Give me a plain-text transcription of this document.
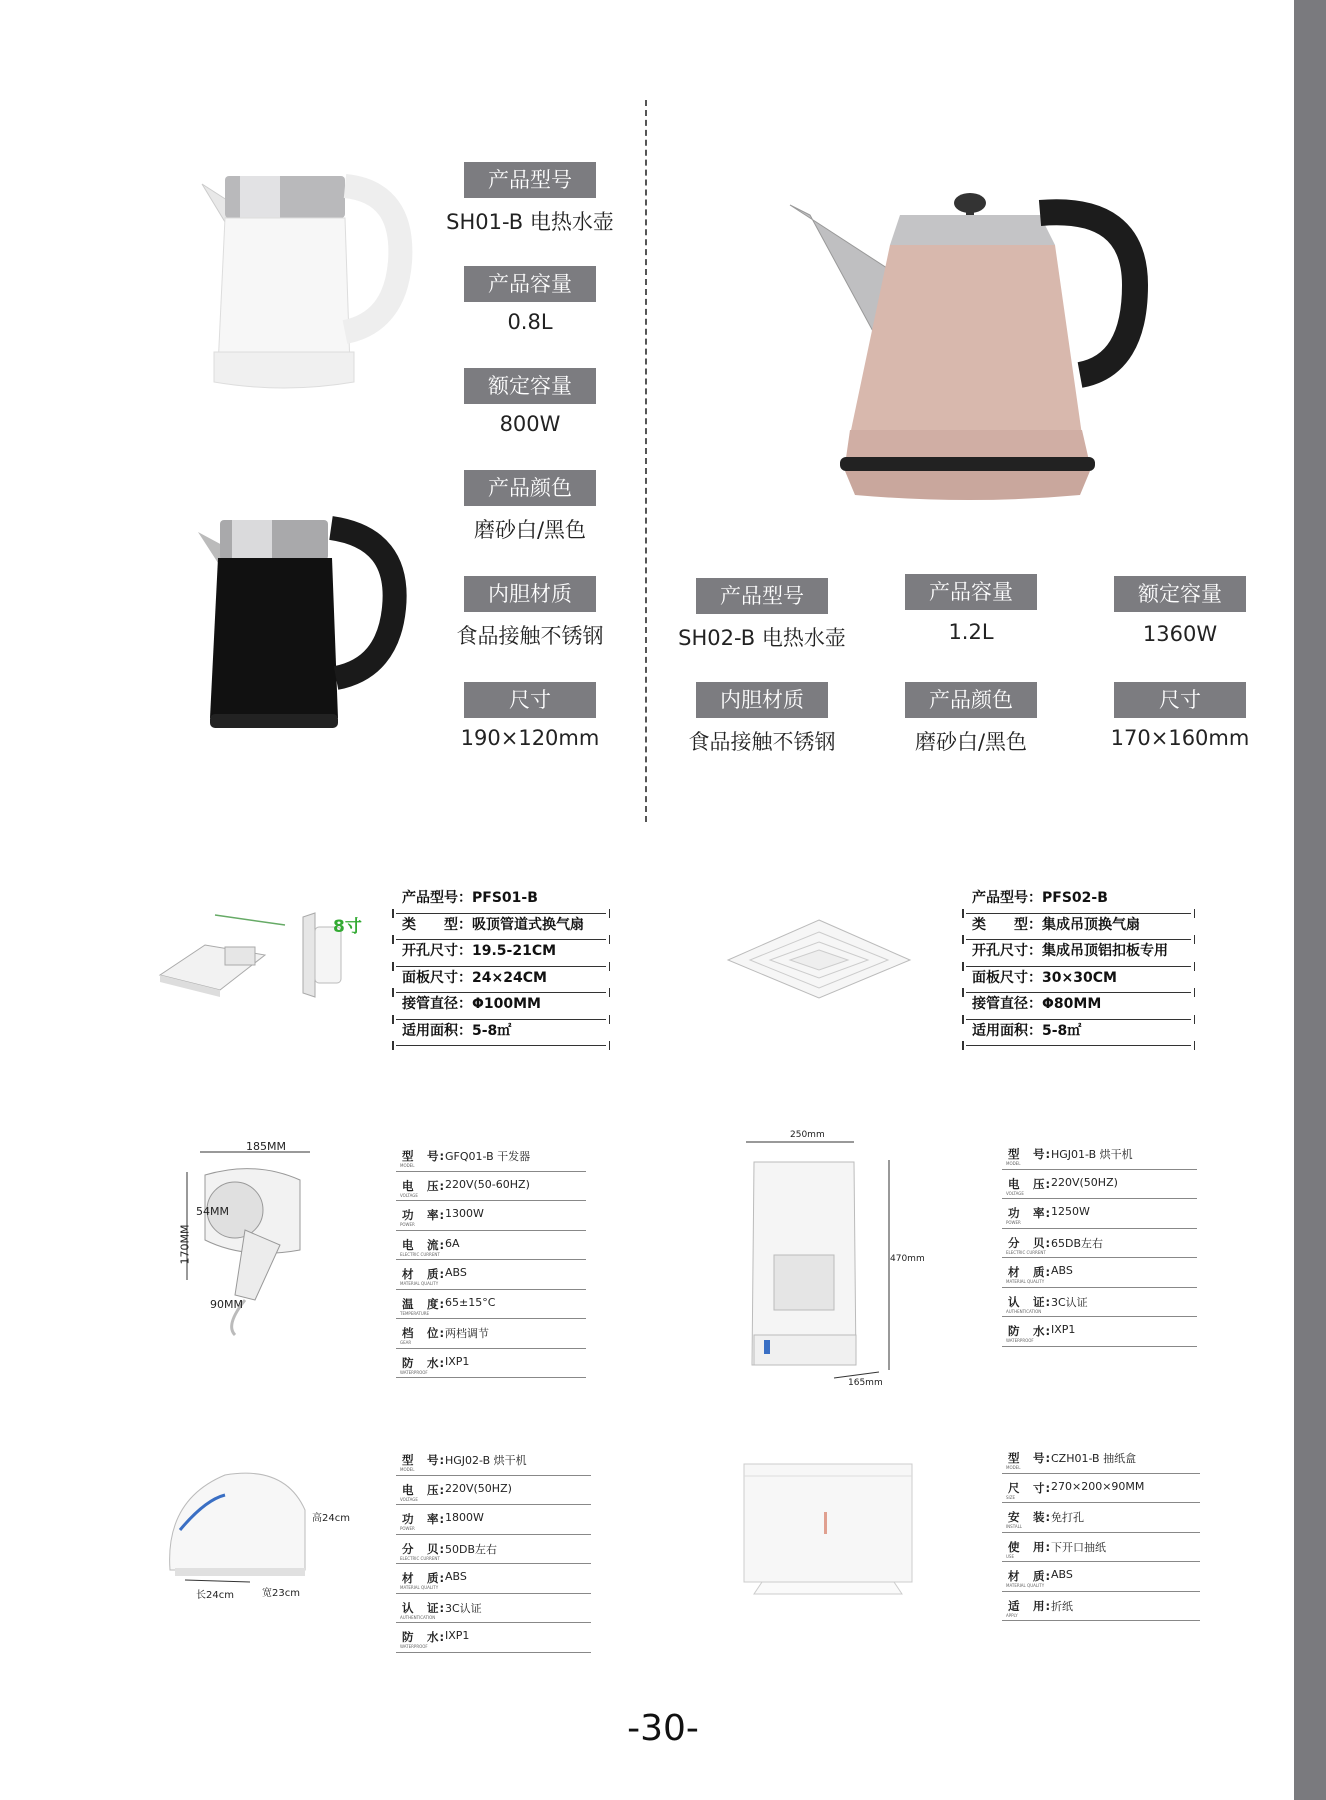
产品型号
SH01-B 电热水壶
产品容量
0.8L
额定容量
800W
产品颜色
磨砂白/黑色
内胆材质
食品接触不锈钢
尺寸
190×120mm
产品型号
SH02-B 电热水壶
产品容量
1.2L
额定容量
1360W
内胆材质
食品接触不锈钢
产品颜色
磨砂白/黑色
尺寸
170×160mm
8寸
产品型号：PFS01-B
类　　型：吸顶管道式换气扇
开孔尺寸：19.5-21CM
面板尺寸：24×24CM
接管直径：Φ100MM
适用面积：5-8㎡
产品型号：PFS02-B
类　　型：集成吊顶换气扇
开孔尺寸：集成吊顶铝扣板专用
面板尺寸：30×30CM
接管直径：Φ80MM
适用面积：5-8㎡
185MM
170MM
54MM
90MM
型　号: GFQ01-B 干发器
MODEL
电　压: 220V(50-60HZ)
VOLTAGE
功　率: 1300W
POWER
电　流: 6A
ELECTRIC CURRENT
材　质: ABS
MATERIAL QUALITY
温　度: 65±15°C
TEMPERATURE
档　位: 两档调节
GEAR
防　水: IXP1
WATERPROOF
250mm
470mm
165mm
型　号: HGJ01-B 烘干机
MODEL
电　压: 220V(50HZ)
VOLTAGE
功　率: 1250W
POWER
分　贝: 65DB左右
ELECTRIC CURRENT
材　质: ABS
MATERIAL QUALITY
认　证: 3C认证
AUTHENTICATION
防　水: IXP1
WATERPROOF
高24cm
长24cm	宽23cm
型　号: HGJ02-B 烘干机
MODEL
电　压: 220V(50HZ)
VOLTAGE
功　率: 1800W
POWER
分　贝: 50DB左右
ELECTRIC CURRENT
材　质: ABS
MATERIAL QUALITY
认　证: 3C认证
AUTHENTICATION
防　水: IXP1
WATERPROOF
型　号: CZH01-B 抽纸盒
MODEL
尺　寸: 270×200×90MM
SIZE
安　装: 免打孔
INSTALL
使　用: 下开口抽纸
USE
材　质: ABS
MATERIAL QUALITY
适　用: 折纸
APPLY
-30-
